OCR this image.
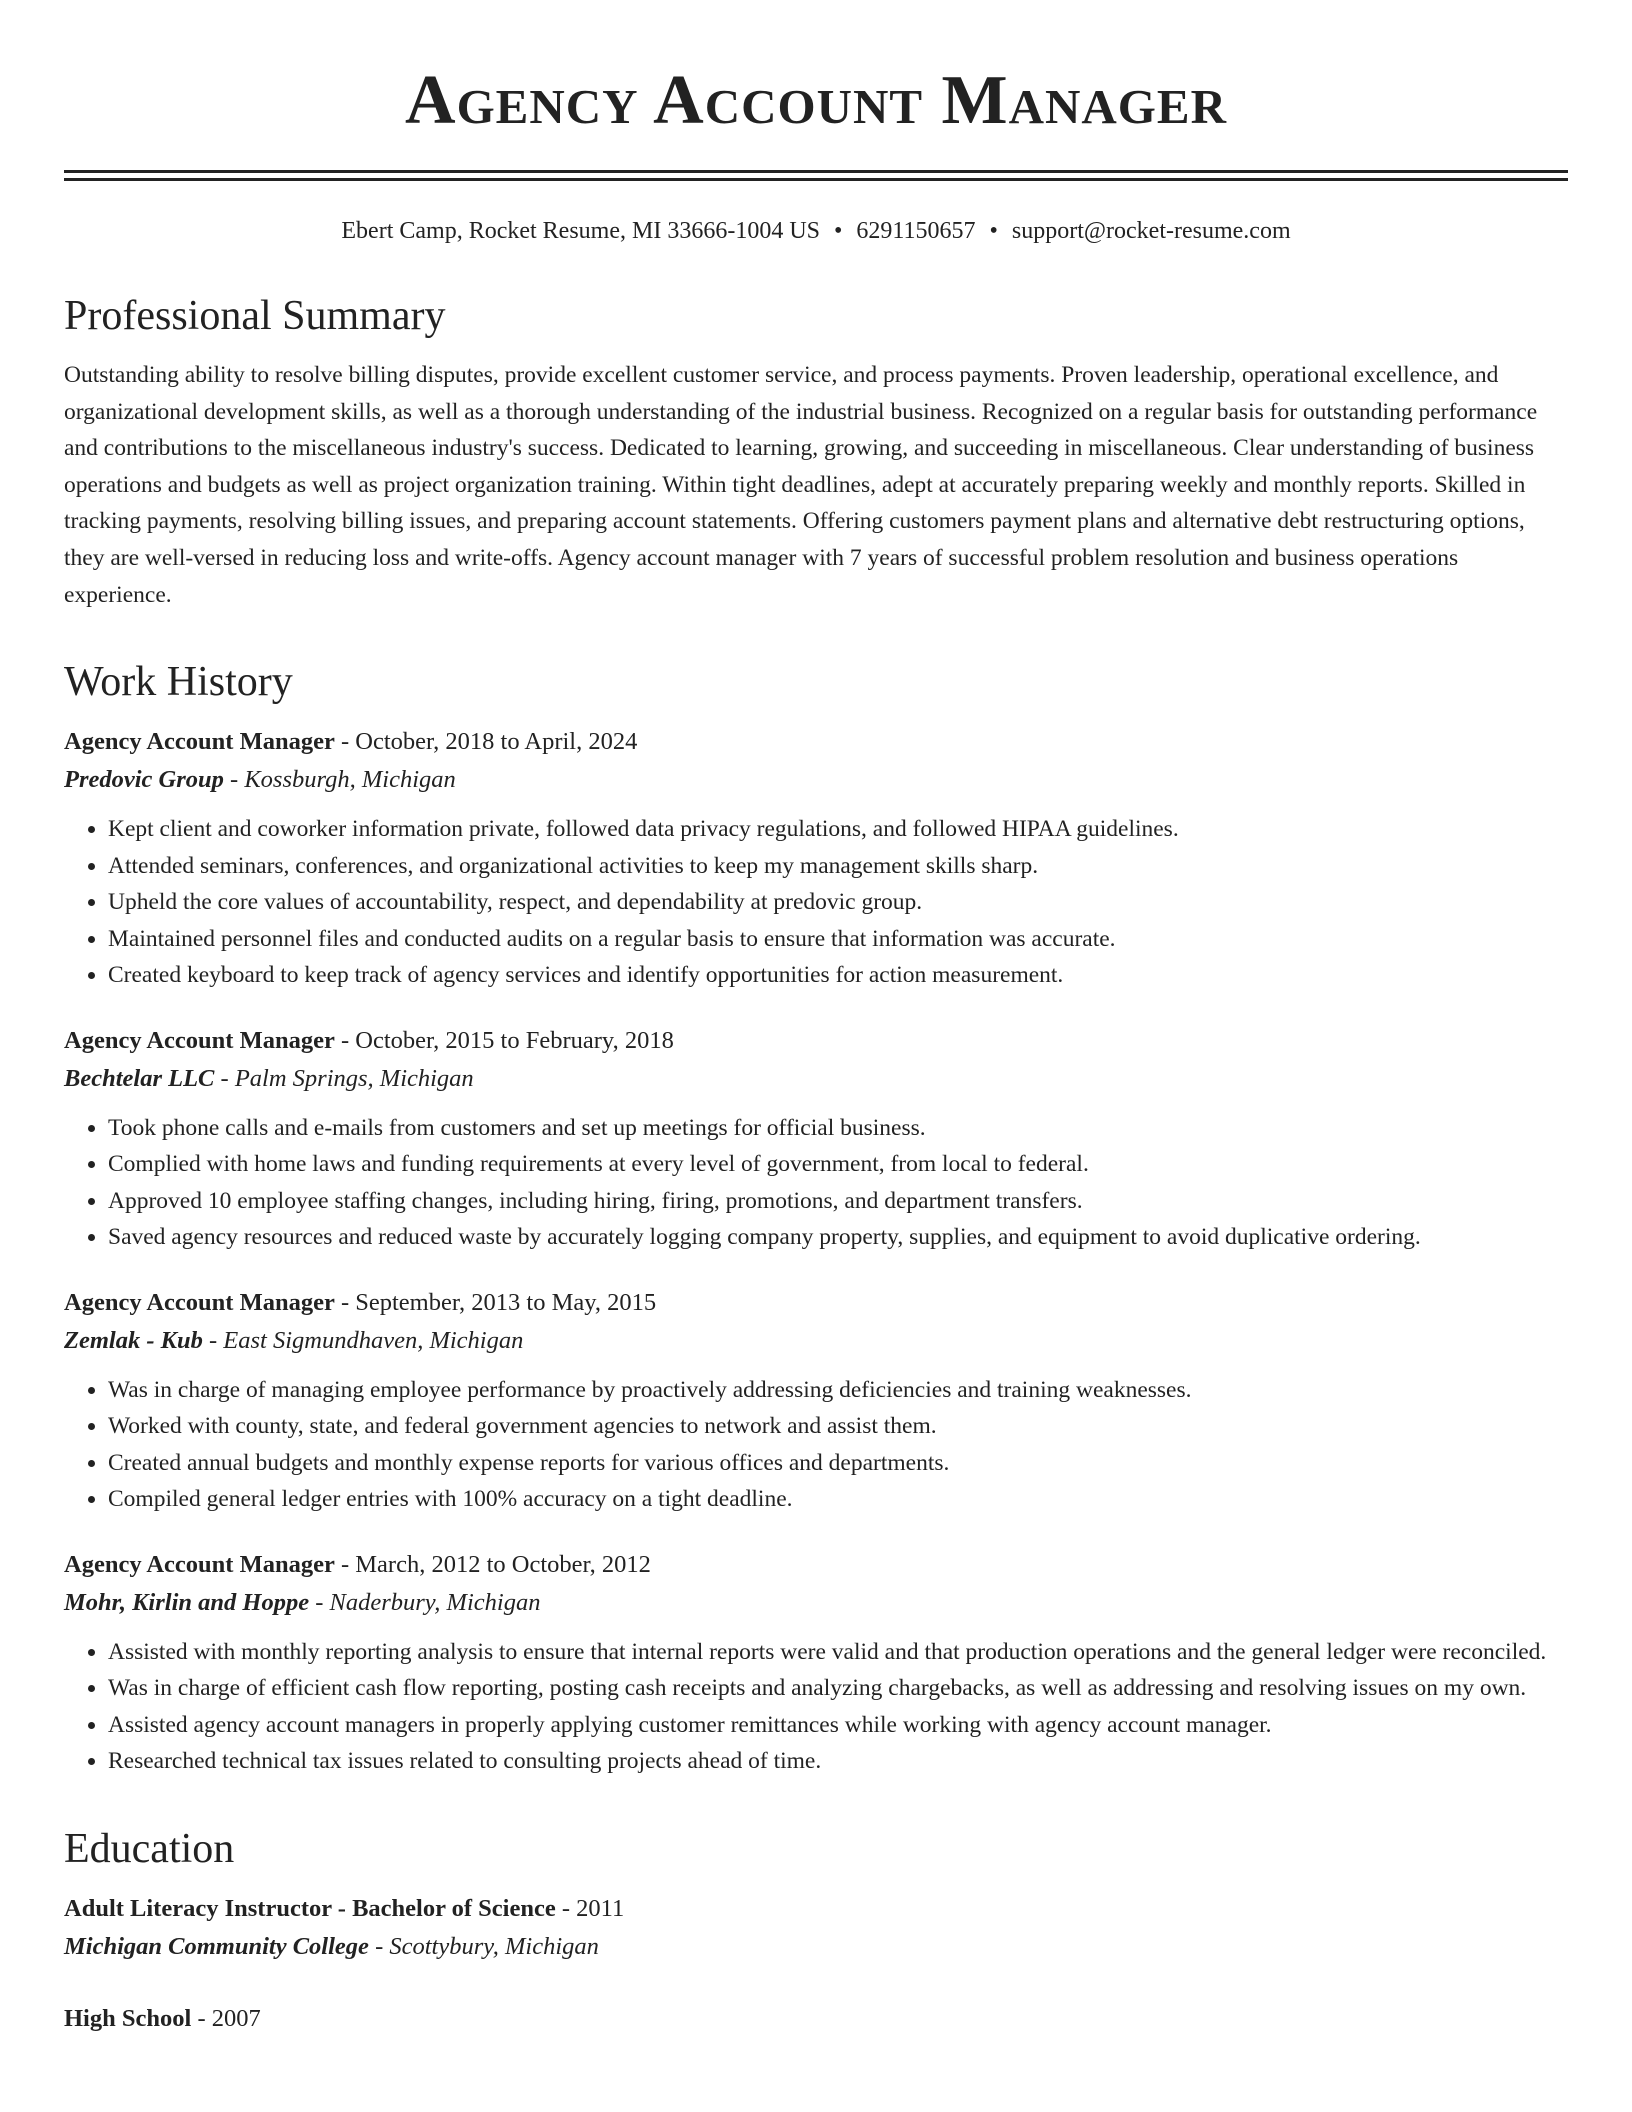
Agency Account Manager
Ebert Camp, Rocket Resume, MI 33666-1004 US • 6291150657 • support@rocket-resume.com
Professional Summary

Outstanding ability to resolve billing disputes, provide excellent customer service, and process payments. Proven leadership, operational excellence, and organizational development skills, as well as a thorough understanding of the industrial business. Recognized on a regular basis for outstanding performance and contributions to the miscellaneous industry's success. Dedicated to learning, growing, and succeeding in miscellaneous. Clear understanding of business operations and budgets as well as project organization training. Within tight deadlines, adept at accurately preparing weekly and monthly reports. Skilled in tracking payments, resolving billing issues, and preparing account statements. Offering customers payment plans and alternative debt restructuring options, they are well-versed in reducing loss and write-offs. Agency account manager with 7 years of successful problem resolution and business operations experience.

Work History
Agency Account Manager - October, 2018 to April, 2024
Predovic Group - Kossburgh, Michigan
• Kept client and coworker information private, followed data privacy regulations, and followed HIPAA guidelines.
• Attended seminars, conferences, and organizational activities to keep my management skills sharp.
• Upheld the core values of accountability, respect, and dependability at predovic group.
• Maintained personnel files and conducted audits on a regular basis to ensure that information was accurate.
• Created keyboard to keep track of agency services and identify opportunities for action measurement.
Agency Account Manager - October, 2015 to February, 2018
Bechtelar LLC - Palm Springs, Michigan
• Took phone calls and e-mails from customers and set up meetings for official business.
• Complied with home laws and funding requirements at every level of government, from local to federal.
• Approved 10 employee staffing changes, including hiring, firing, promotions, and department transfers.
• Saved agency resources and reduced waste by accurately logging company property, supplies, and equipment to avoid duplicative ordering.
Agency Account Manager - September, 2013 to May, 2015
Zemlak - Kub - East Sigmundhaven, Michigan
• Was in charge of managing employee performance by proactively addressing deficiencies and training weaknesses.
• Worked with county, state, and federal government agencies to network and assist them.
• Created annual budgets and monthly expense reports for various offices and departments.
• Compiled general ledger entries with 100% accuracy on a tight deadline.
Agency Account Manager - March, 2012 to October, 2012
Mohr, Kirlin and Hoppe - Naderbury, Michigan
• Assisted with monthly reporting analysis to ensure that internal reports were valid and that production operations and the general ledger were reconciled.
• Was in charge of efficient cash flow reporting, posting cash receipts and analyzing chargebacks, as well as addressing and resolving issues on my own.
• Assisted agency account managers in properly applying customer remittances while working with agency account manager.
• Researched technical tax issues related to consulting projects ahead of time.
Education
Adult Literacy Instructor - Bachelor of Science - 2011
Michigan Community College - Scottybury, Michigan
High School - 2007
